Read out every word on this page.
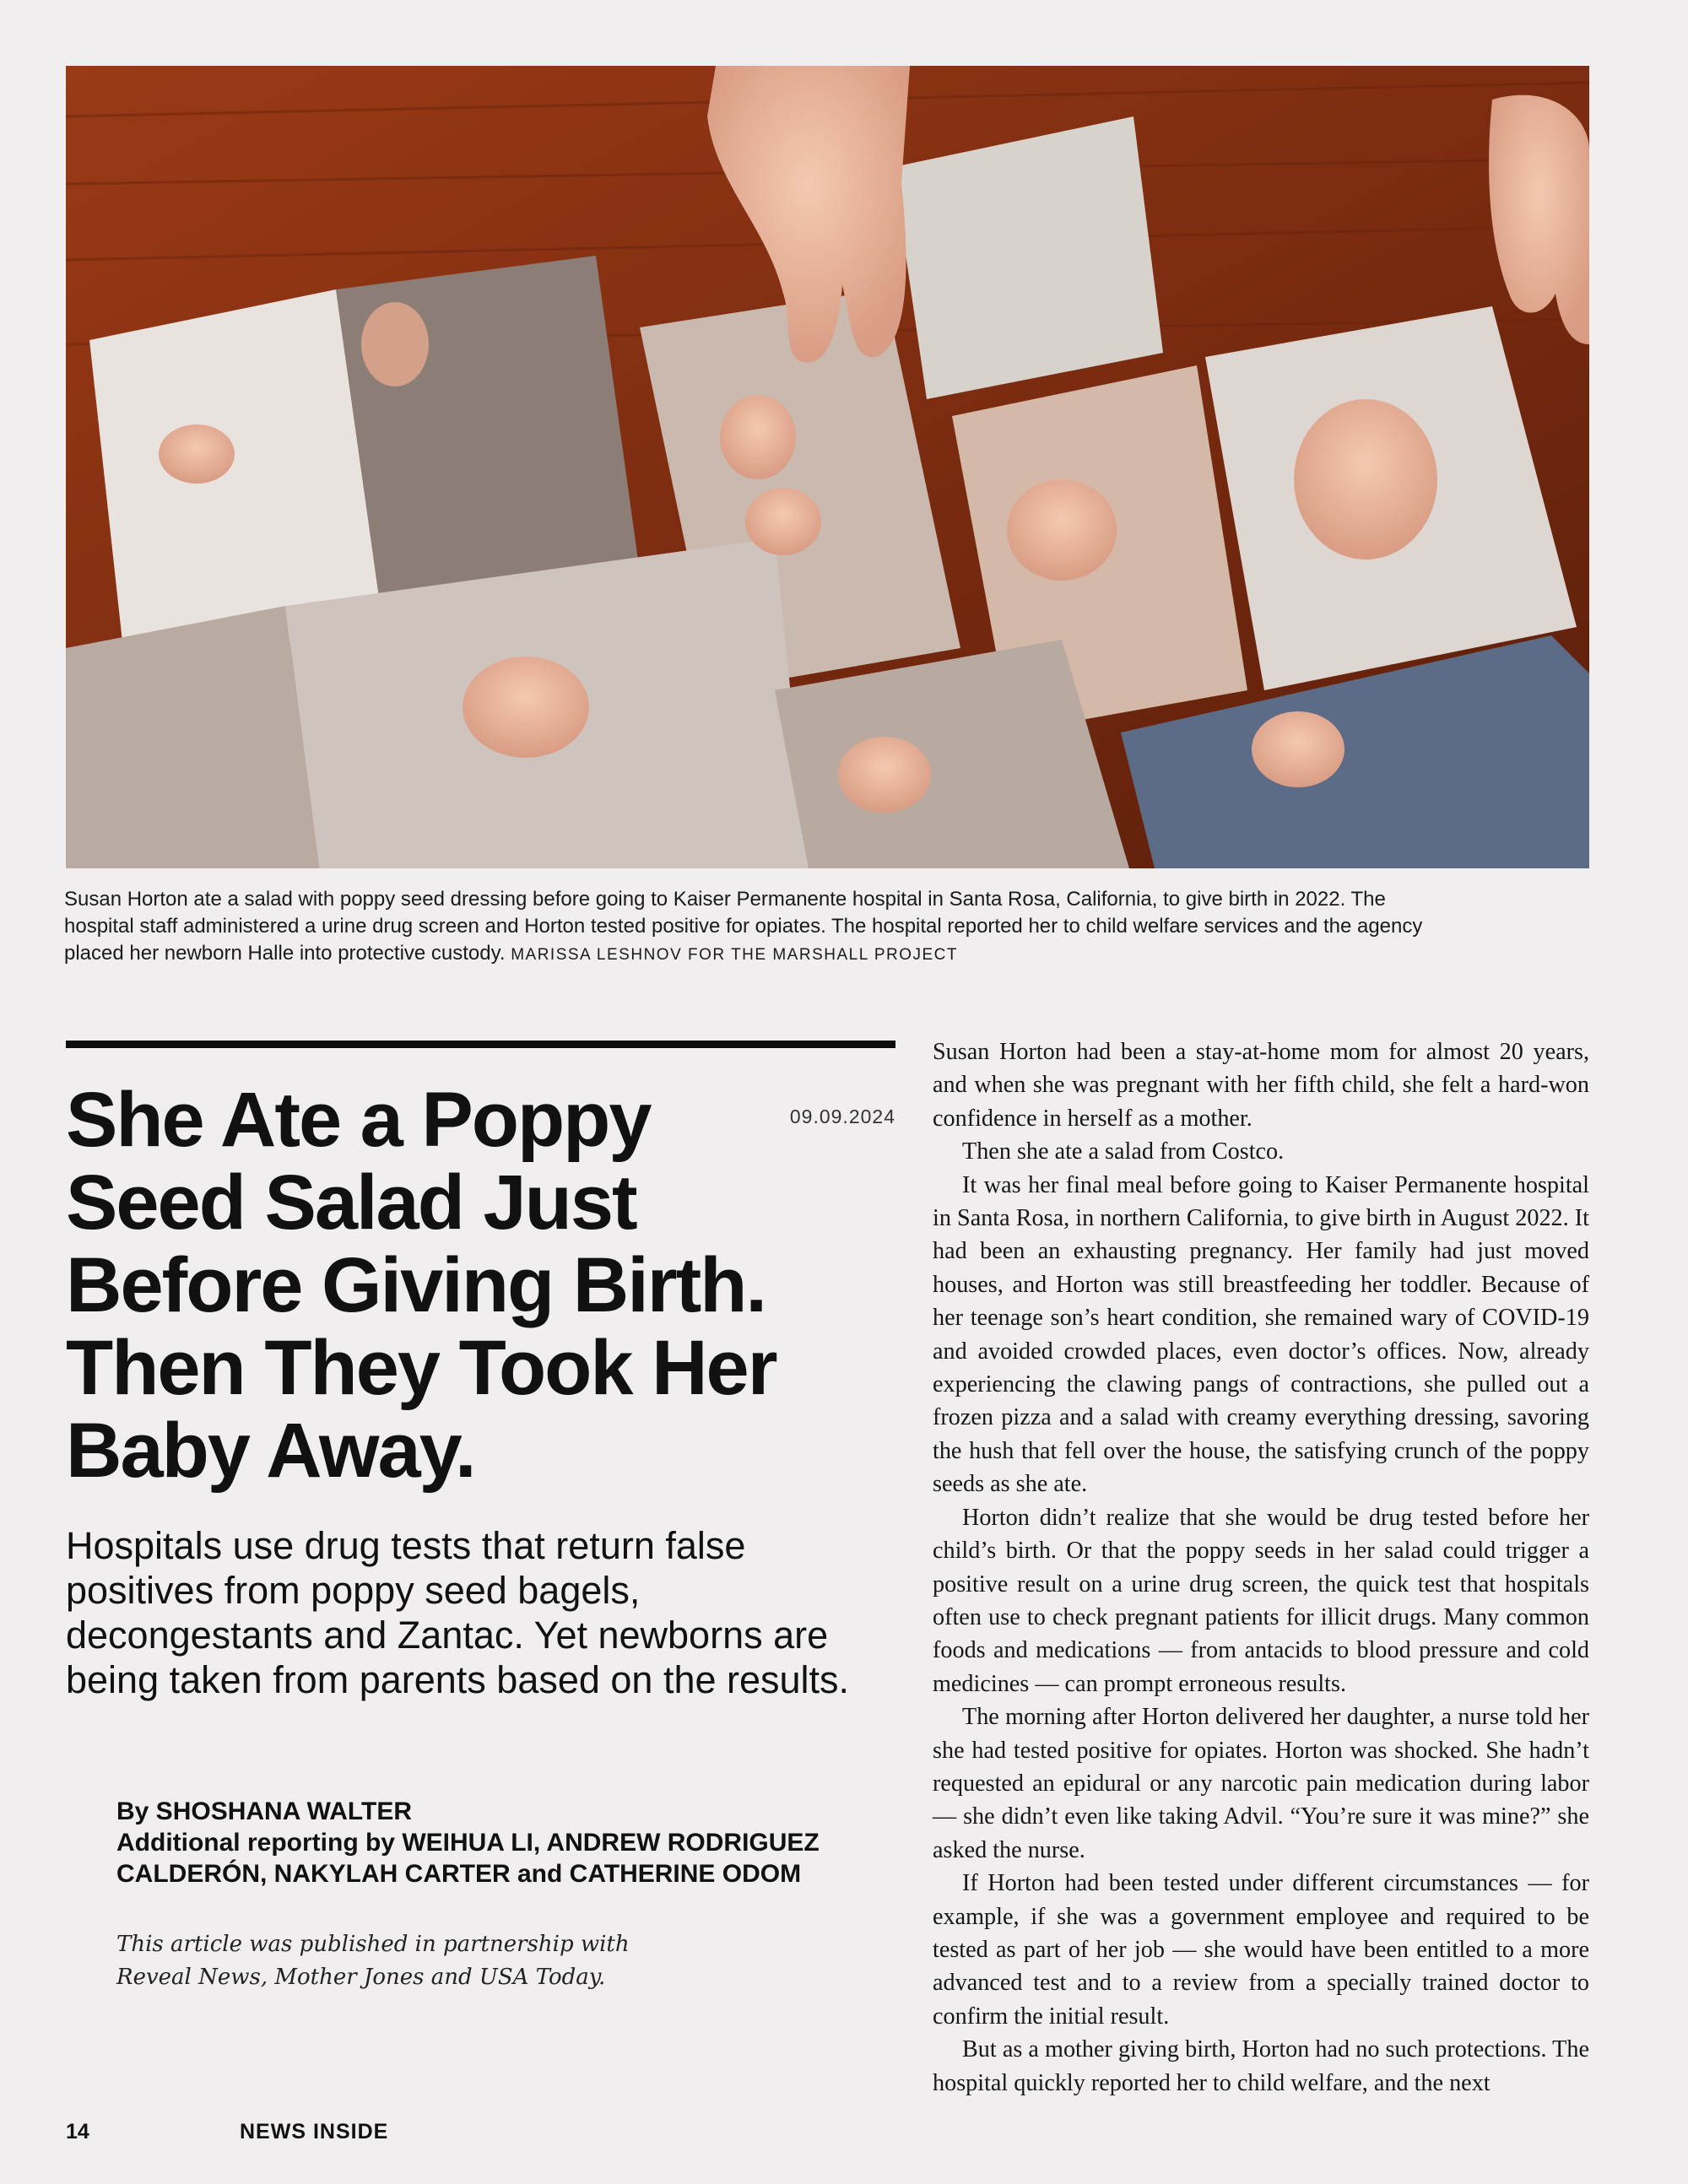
Susan Horton ate a salad with poppy seed dressing before going to Kaiser Permanente hospital in Santa Rosa, California, to give birth in 2022. The hospital staff administered a urine drug screen and Horton tested positive for opiates. The hospital reported her to child welfare services and the agency placed her newborn Halle into protective custody. MARISSA LESHNOV FOR THE MARSHALL PROJECT
09.09.2024
She Ate a Poppy Seed Salad Just Before Giving Birth. Then They Took Her Baby Away.

Hospitals use drug tests that return false positives from poppy seed bagels, decongestants and Zantac. Yet newborns are being taken from parents based on the results.

By SHOSHANA WALTER
Additional reporting by WEIHUA LI, ANDREW RODRIGUEZ CALDERÓN, NAKYLAH CARTER and CATHERINE ODOM
This article was published in partnership with Reveal News, Mother Jones and USA Today.

Susan Horton had been a stay-at-home mom for almost 20 years, and when she was pregnant with her fifth child, she felt a hard-won confidence in herself as a mother.

Then she ate a salad from Costco.

It was her final meal before going to Kaiser Permanente hospital in Santa Rosa, in northern California, to give birth in August 2022. It had been an exhausting pregnancy. Her family had just moved houses, and Horton was still breastfeeding her toddler. Because of her teenage son’s heart condition, she remained wary of COVID-19 and avoided crowded places, even doctor’s offices. Now, already experiencing the clawing pangs of contractions, she pulled out a frozen pizza and a salad with creamy everything dressing, savoring the hush that fell over the house, the satisfying crunch of the poppy seeds as she ate.

Horton didn’t realize that she would be drug tested before her child’s birth. Or that the poppy seeds in her salad could trigger a positive result on a urine drug screen, the quick test that hospitals often use to check pregnant patients for illicit drugs. Many common foods and medications — from antacids to blood pressure and cold medicines — can prompt erroneous results.

The morning after Horton delivered her daughter, a nurse told her she had tested positive for opiates. Horton was shocked. She hadn’t requested an epidural or any narcotic pain medication during labor — she didn’t even like taking Advil. “You’re sure it was mine?” she asked the nurse.

If Horton had been tested under different circumstances — for example, if she was a government employee and required to be tested as part of her job — she would have been entitled to a more advanced test and to a review from a specially trained doctor to confirm the initial result.

But as a mother giving birth, Horton had no such protections. The hospital quickly reported her to child welfare, and the next

14	NEWS INSIDE
